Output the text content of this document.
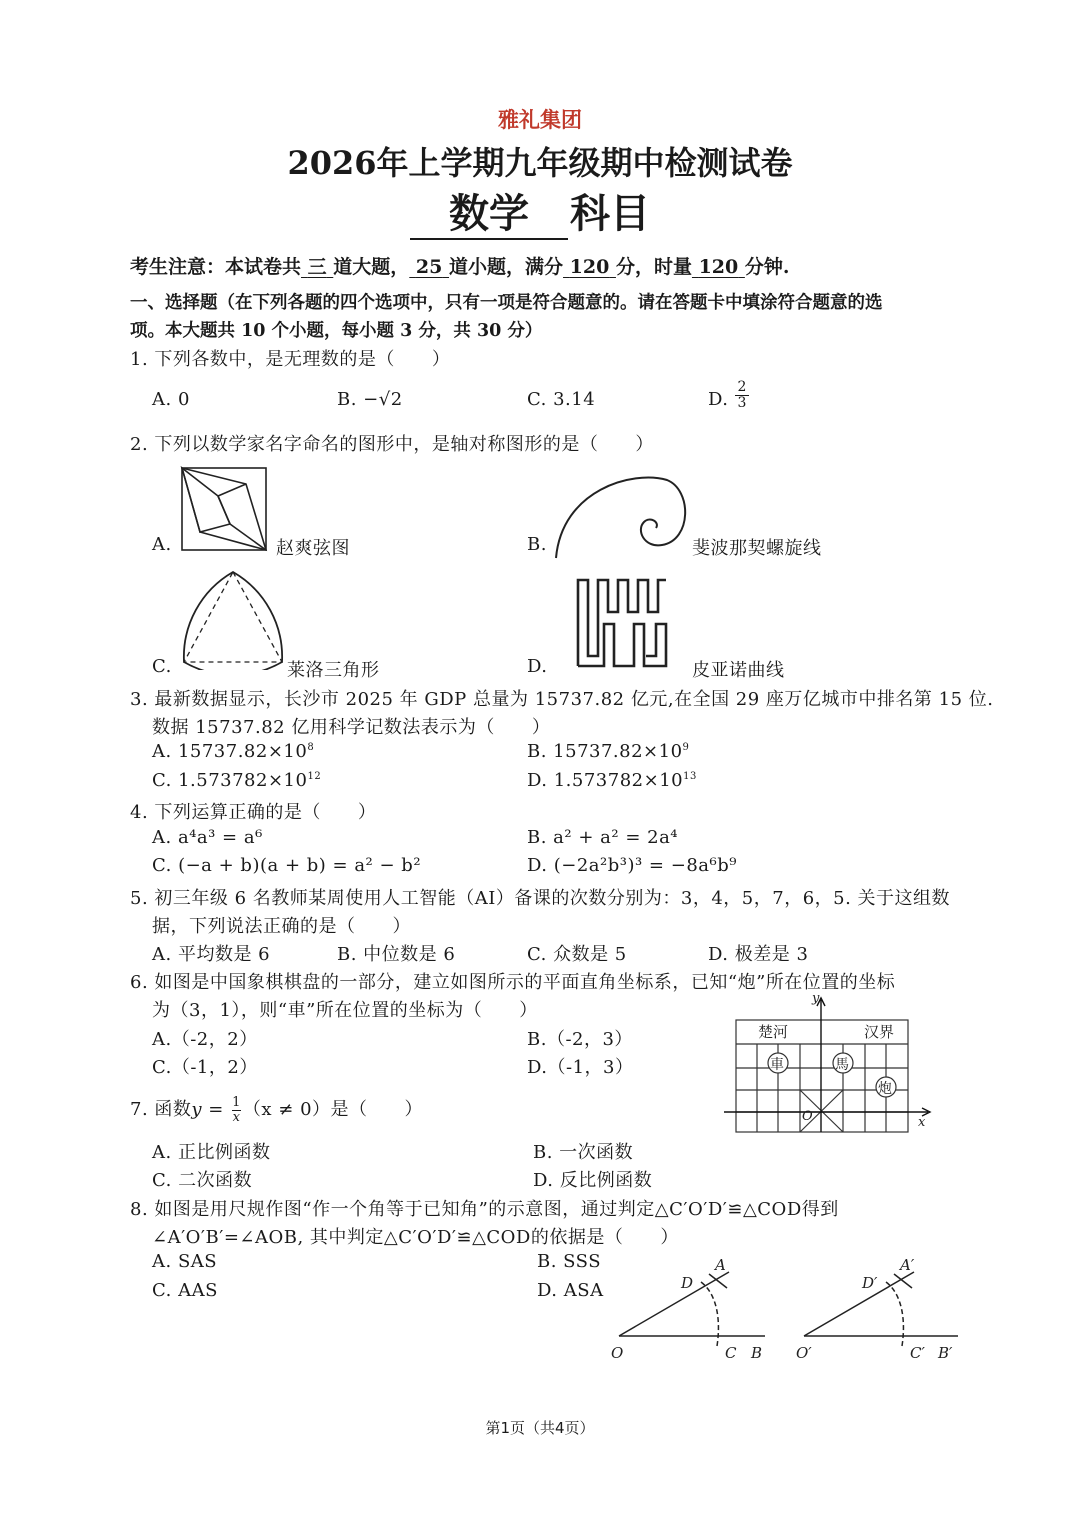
雅礼集团
2026年上学期九年级期中检测试卷
数学	科目
考生注意：本试卷共 三 道大题， 25 道小题，满分 120 分，时量 120 分钟.
一、选择题（在下列各题的四个选项中，只有一项是符合题意的。请在答题卡中填涂符合题意的选
项。本大题共 10 个小题，每小题 3 分，共 30 分）
1. 下列各数中，是无理数的是（　　）
A. 0	B. −√2	C. 3.14	D.
2
3
2. 下列以数学家名字命名的图形中，是轴对称图形的是（　　）
A.	赵爽弦图	B.	斐波那契螺旋线
C.	莱洛三角形	D.	皮亚诺曲线
3. 最新数据显示，长沙市 2025 年 GDP 总量为 15737.82 亿元,在全国 29 座万亿城市中排名第 15 位.
数据 15737.82 亿用科学记数法表示为（　　）
A. $15737.82\times 10^8$	B. $15737.82\times 10^9$
C. $1.573782\times 10^{12}$	D. $1.573782\times 10^{13}$
4. 下列运算正确的是（　　）
A. a⁴a³ = a⁶	B. a² + a² = 2a⁴
C. (−a + b)(a + b) = a² − b²	D. (−2a²b³)³ = −8a⁶b⁹
5. 初三年级 6 名教师某周使用人工智能（AI）备课的次数分别为：3，4，5，7，6，5. 关于这组数
据，下列说法正确的是（　　）
A. 平均数是 6	B. 中位数是 6	C. 众数是 5	D. 极差是 3
6. 如图是中国象棋棋盘的一部分，建立如图所示的平面直角坐标系，已知“炮”所在位置的坐标
为（3，1），则“車”所在位置的坐标为（　　）
A.（-2，2）	B.（-2，3）
C.（-1，2）	D.（-1，3）
楚河	汉界
y
x
O
車	馬
炮
7. 函数$y = \frac{1}{x} (x \ne 0)$是（　　）
A. 正比例函数	B. 一次函数
C. 二次函数	D. 反比例函数
8. 如图是用尺规作图“作一个角等于已知角”的示意图，通过判定△C′O′D′≌△COD得到
∠A′O′B′=∠AOB, 其中判定△C′O′D′≌△COD的依据是（　　）
A. SAS	B. SSS
C. AAS	D. ASA
O
A
D
C B O′
A′
D′
C′ B′
第1页（共4页）
